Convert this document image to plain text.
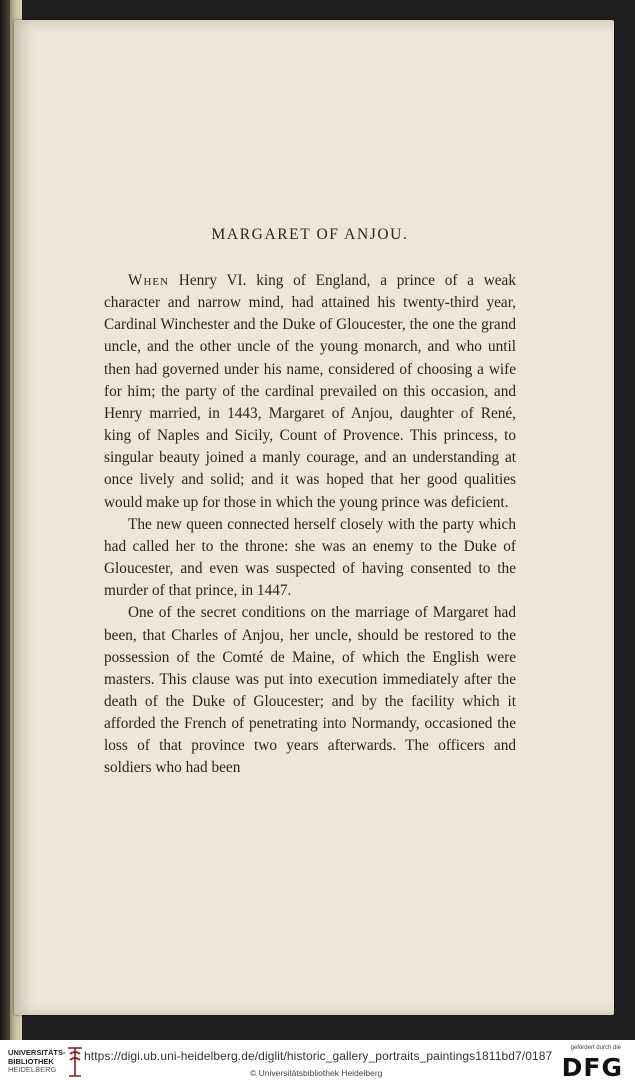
MARGARET OF ANJOU.

When Henry VI. king of England, a prince of a weak character and narrow mind, had attained his twenty-third year, Cardinal Winchester and the Duke of Gloucester, the one the grand uncle, and the other uncle of the young monarch, and who until then had governed under his name, considered of choosing a wife for him; the party of the cardinal prevailed on this occasion, and Henry married, in 1443, Margaret of Anjou, daughter of René, king of Naples and Sicily, Count of Provence. This princess, to singular beauty joined a manly courage, and an understanding at once lively and solid; and it was hoped that her good qualities would make up for those in which the young prince was deficient.

The new queen connected herself closely with the party which had called her to the throne: she was an enemy to the Duke of Gloucester, and even was suspected of having consented to the murder of that prince, in 1447.

One of the secret conditions on the marriage of Margaret had been, that Charles of Anjou, her uncle, should be restored to the possession of the Comté de Maine, of which the English were masters. This clause was put into execution immediately after the death of the Duke of Gloucester; and by the facility which it afforded the French of penetrating into Normandy, occasioned the loss of that province two years afterwards. The officers and soldiers who had been

UNIVERSITÄTS-
BIBLIOTHEK
HEIDELBERG
https://digi.ub.uni-heidelberg.de/diglit/historic_gallery_portraits_paintings1811bd7/0187
© Universitätsbibliothek Heidelberg
gefördert durch die
DFG
